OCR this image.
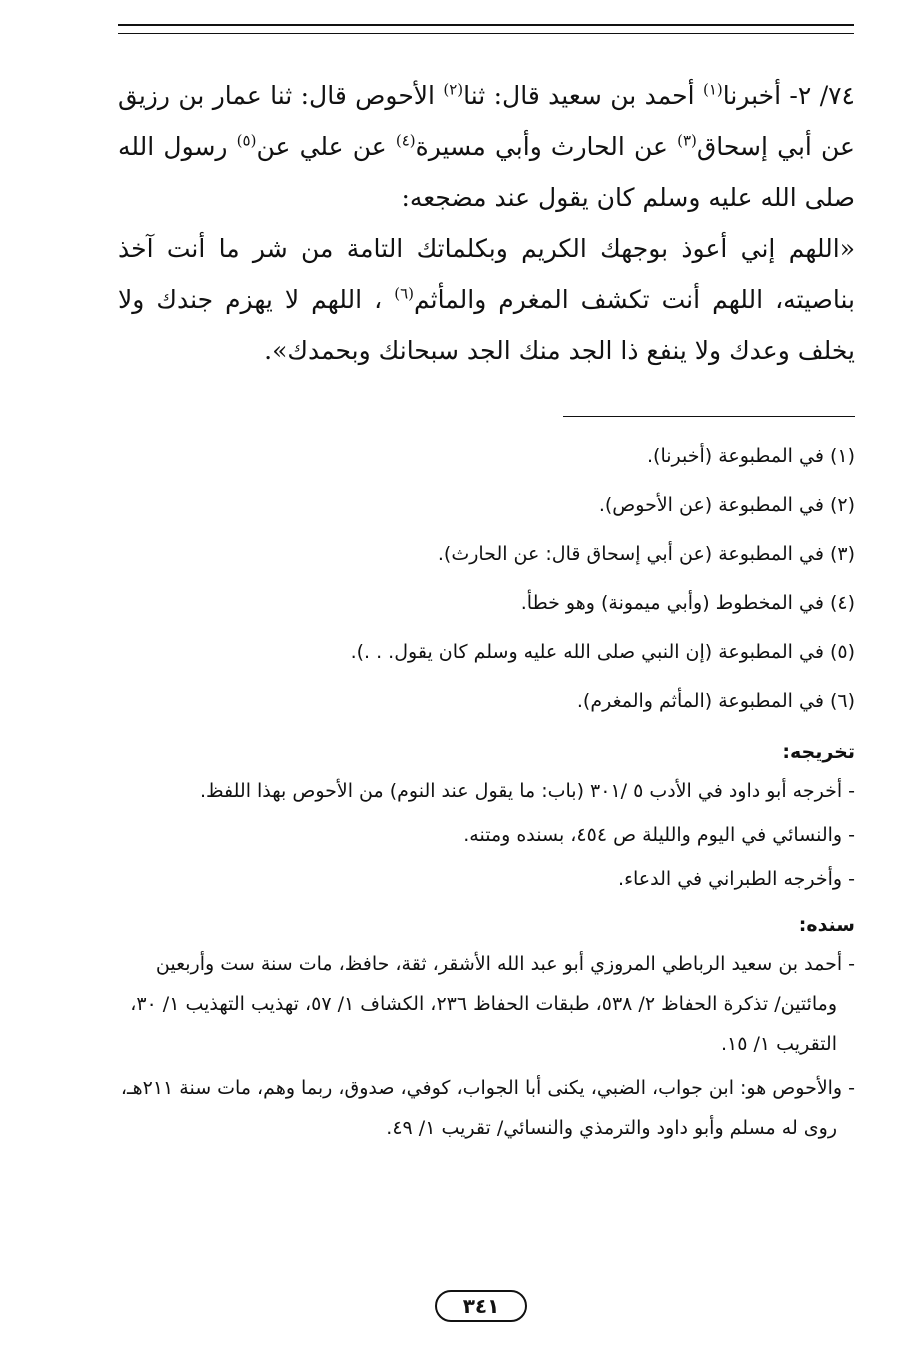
٧٤/ ٢- أخبرنا$^{(١)}$ أحمد بن سعيد قال: ثنا$^{(٢)}$ الأحوص قال: ثنا عمار بن رزيق عن أبي إسحاق$^{(٣)}$ عن الحارث وأبي مسيرة$^{(٤)}$ عن علي عن$^{(٥)}$ رسول الله صلى الله عليه وسلم كان يقول عند مضجعه:

«اللهم إني أعوذ بوجهك الكريم وبكلماتك التامة من شر ما أنت آخذ بناصيته، اللهم أنت تكشف المغرم والمأثم$^{(٦)}$ ، اللهم لا يهزم جندك ولا يخلف وعدك ولا ينفع ذا الجد منك الجد سبحانك وبحمدك».

(١) في المطبوعة (أخبرنا).

(٢) في المطبوعة (عن الأحوص).

(٣) في المطبوعة (عن أبي إسحاق قال: عن الحارث).

(٤) في المخطوط (وأبي ميمونة) وهو خطأ.

(٥) في المطبوعة (إن النبي صلى الله عليه وسلم كان يقول. . .).

(٦) في المطبوعة (المأثم والمغرم).

تخريجه:

- أخرجه أبو داود في الأدب ٥ /٣٠١ (باب: ما يقول عند النوم) من الأحوص بهذا اللفظ.

- والنسائي في اليوم والليلة ص ٤٥٤، بسنده ومتنه.

- وأخرجه الطبراني في الدعاء.

سنده:

- أحمد بن سعيد الرباطي المروزي أبو عبد الله الأشقر، ثقة، حافظ، مات سنة ست وأربعين ومائتين/ تذكرة الحفاظ ٢/ ٥٣٨، طبقات الحفاظ ٢٣٦، الكشاف ١/ ٥٧، تهذيب التهذيب ١/ ٣٠، التقريب ١/ ١٥.

- والأحوص هو: ابن جواب، الضبي، يكنى أبا الجواب، كوفي، صدوق، ربما وهم، مات سنة ٢١١هـ، روى له مسلم وأبو داود والترمذي والنسائي/ تقريب ١/ ٤٩.

٣٤١
